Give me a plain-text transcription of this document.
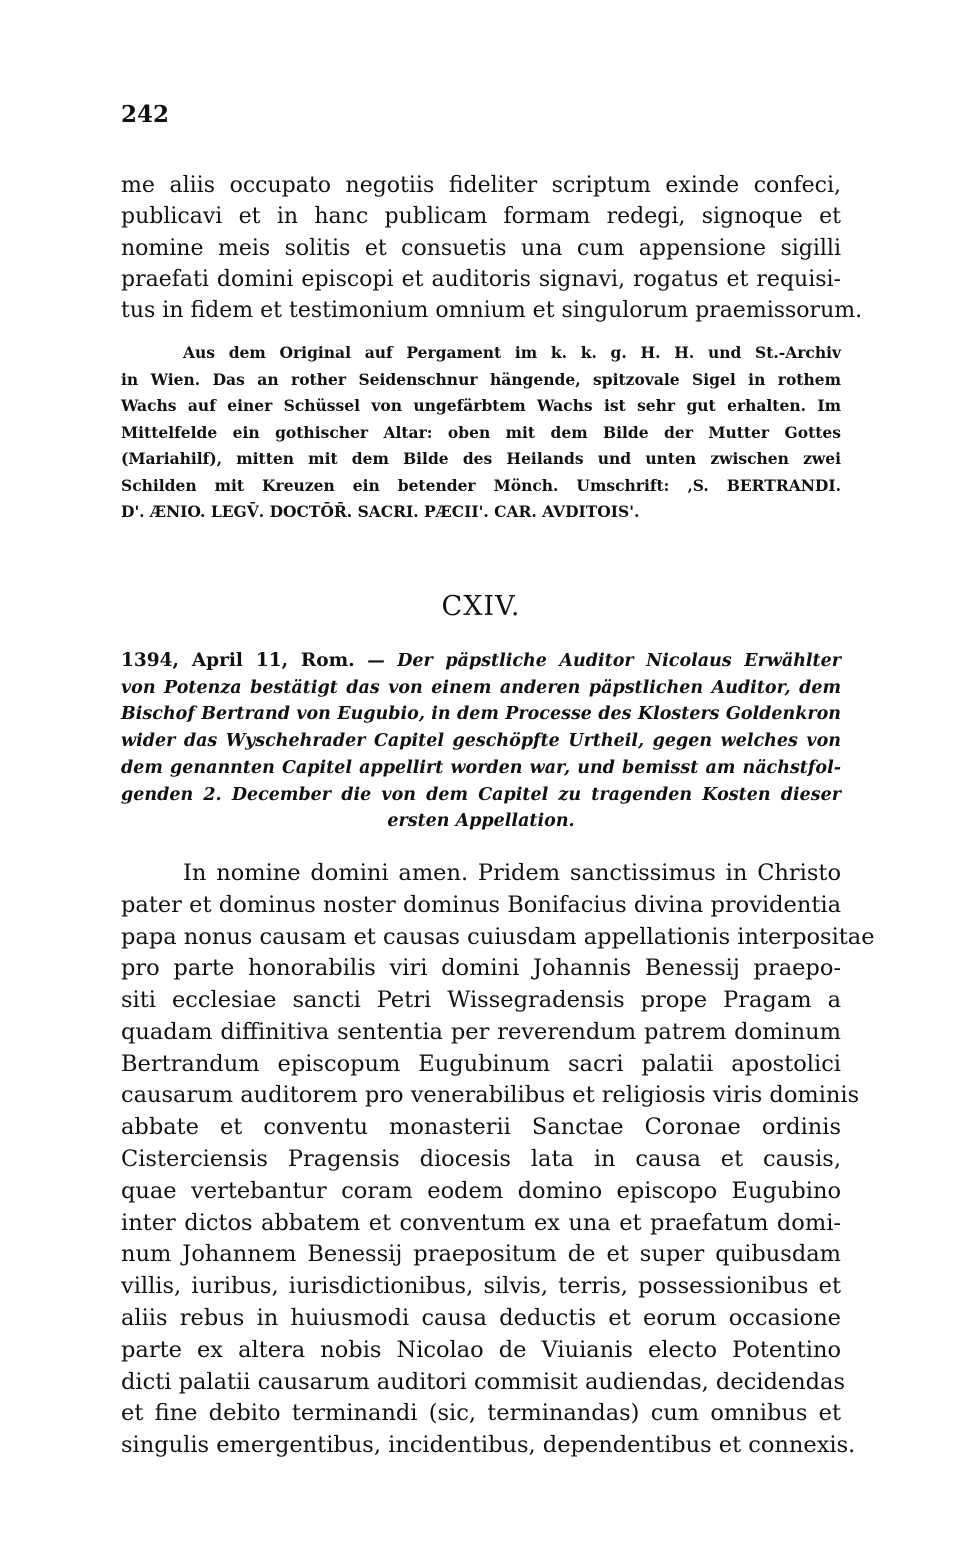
242

me aliis occupato negotiis fideliter scriptum exinde confeci,
publicavi et in hanc publicam formam redegi, signoque et
nomine meis solitis et consuetis una cum appensione sigilli
praefati domini episcopi et auditoris signavi, rogatus et requisi-
tus in fidem et testimonium omnium et singulorum praemissorum.
Aus dem Original auf Pergament im k. k. g. H. H. und St.-Archiv
in Wien. Das an rother Seidenschnur hängende, spitzovale Sigel in rothem
Wachs auf einer Schüssel von ungefärbtem Wachs ist sehr gut erhalten. Im
Mittelfelde ein gothischer Altar: oben mit dem Bilde der Mutter Gottes
(Mariahilf), mitten mit dem Bilde des Heilands und unten zwischen zwei
Schilden mit Kreuzen ein betender Mönch. Umschrift: ‚S. BERTRANDI.
D'. ÆNIO. LEGV̄. DOCTŌR̄. SACRI. PÆCII'. CAR. AVDITOIS'.
CXIV.
1394, April 11, Rom. — Der päpstliche Auditor Nicolaus Erwählter
von Potenza bestätigt das von einem anderen päpstlichen Auditor, dem
Bischof Bertrand von Eugubio, in dem Processe des Klosters Goldenkron
wider das Wyschehrader Capitel geschöpfte Urtheil, gegen welches von
dem genannten Capitel appellirt worden war, und bemisst am nächstfol-
genden 2. December die von dem Capitel zu tragenden Kosten dieser
ersten Appellation.
In nomine domini amen. Pridem sanctissimus in Christo
pater et dominus noster dominus Bonifacius divina providentia
papa nonus causam et causas cuiusdam appellationis interpositae
pro parte honorabilis viri domini Johannis Benessij praepo-
siti ecclesiae sancti Petri Wissegradensis prope Pragam a
quadam diffinitiva sententia per reverendum patrem dominum
Bertrandum episcopum Eugubinum sacri palatii apostolici
causarum auditorem pro venerabilibus et religiosis viris dominis
abbate et conventu monasterii Sanctae Coronae ordinis
Cisterciensis Pragensis diocesis lata in causa et causis,
quae vertebantur coram eodem domino episcopo Eugubino
inter dictos abbatem et conventum ex una et praefatum domi-
num Johannem Benessij praepositum de et super quibusdam
villis, iuribus, iurisdictionibus, silvis, terris, possessionibus et
aliis rebus in huiusmodi causa deductis et eorum occasione
parte ex altera nobis Nicolao de Viuianis electo Potentino
dicti palatii causarum auditori commisit audiendas, decidendas
et fine debito terminandi (sic, terminandas) cum omnibus et
singulis emergentibus, incidentibus, dependentibus et connexis.
